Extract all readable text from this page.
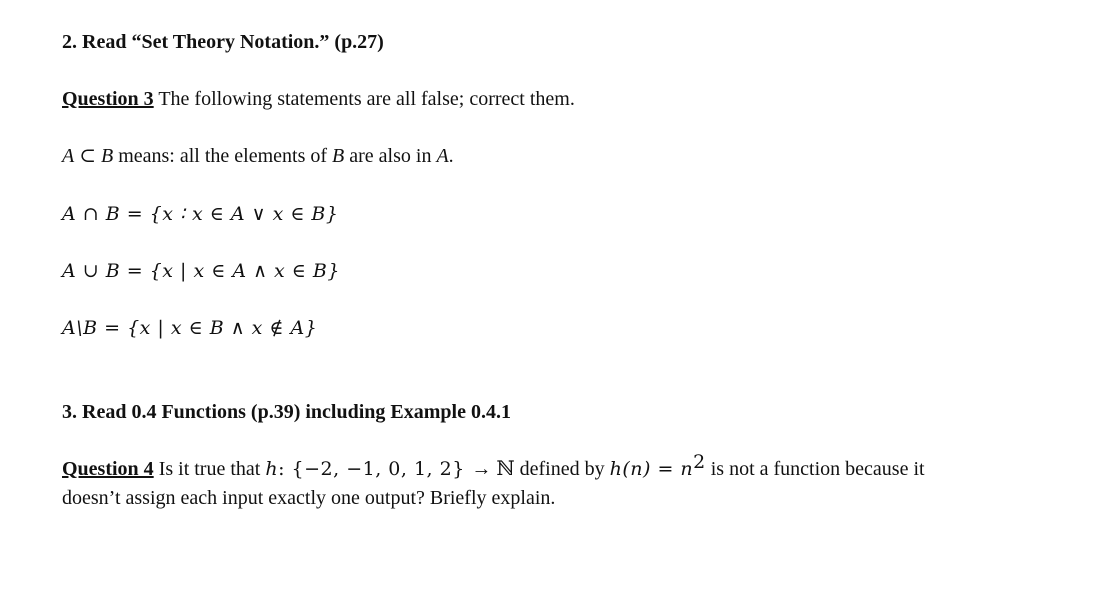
2. Read “Set Theory Notation.” (p.27)
Question 3 The following statements are all false; correct them.
A ⊂ B means: all the elements of B are also in A.
A ∩ B = {x ∶ x ∈ A ∨ x ∈ B}
A ∪ B = {x | x ∈ A ∧ x ∈ B}
A\B = {x | x ∈ B ∧ x ∉ A}
3. Read 0.4 Functions (p.39) including Example 0.4.1
Question 4 Is it true that h: {−2, −1, 0, 1, 2} → ℕ defined by $h(n) = n^2$ is not a function because it
doesn’t assign each input exactly one output? Briefly explain.
